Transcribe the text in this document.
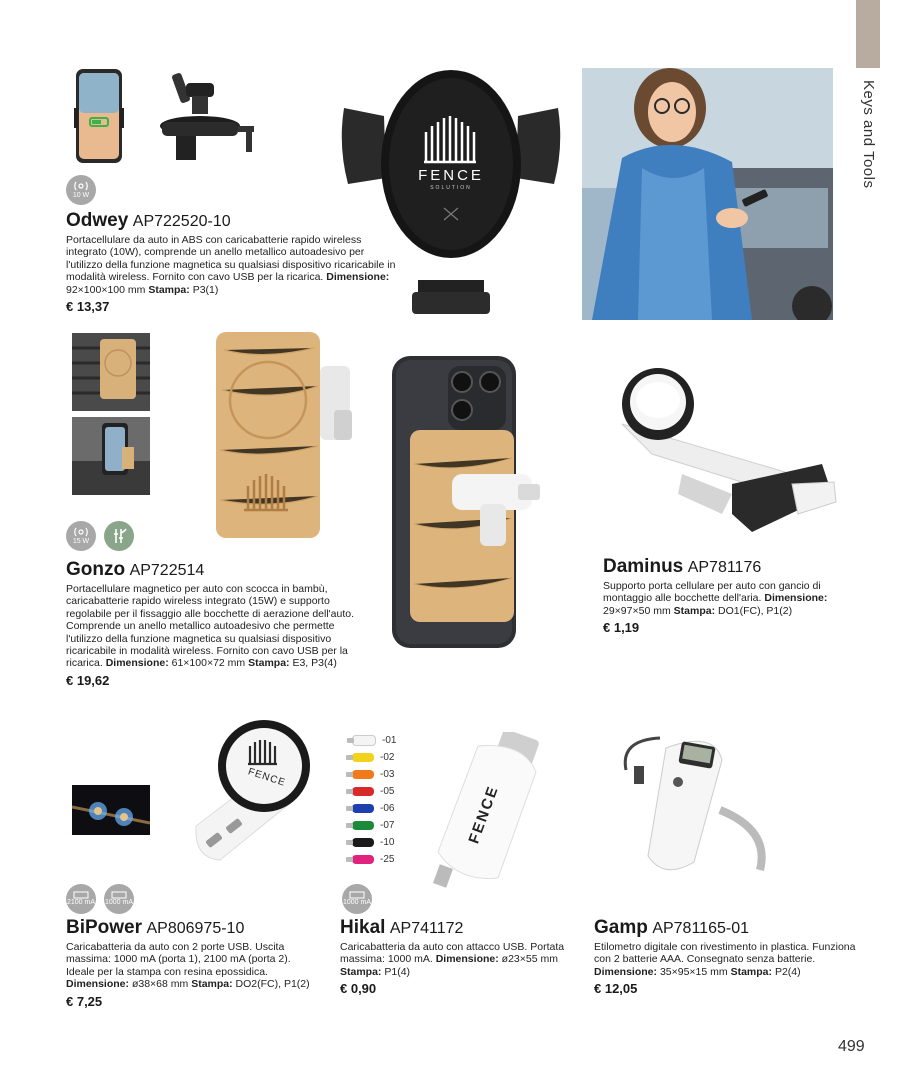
Keys and Tools
10 W
FENCE
SOLUTION
Odwey AP722520-10
Portacellulare da auto in ABS con caricabatterie rapido wireless integrato (10W), comprende un anello metallico autoadesivo per l'utilizzo della funzione magnetica su qualsiasi dispositivo ricaricabile in modalità wireless. Fornito con cavo USB per la ricarica. Dimensione: 92×100×100 mm Stampa: P3(1)
€ 13,37
15 W
Gonzo AP722514
Portacellulare magnetico per auto con scocca in bambù, caricabatterie rapido wireless integrato (15W) e supporto regolabile per il fissaggio alle bocchette di aerazione dell'auto. Comprende un anello metallico autoadesivo che permette l'utilizzo della funzione magnetica su qualsiasi dispositivo ricaricabile in modalità wireless. Fornito con cavo USB per la ricarica. Dimensione: 61×100×72 mm Stampa: E3, P3(4)
€ 19,62
Daminus AP781176
Supporto porta cellulare per auto con gancio di montaggio alle bocchette dell'aria. Dimensione: 29×97×50 mm Stampa: DO1(FC), P1(2)
€ 1,19
FENCE
2100 mA 1000 mA
BiPower AP806975-10
Caricabatteria da auto con 2 porte USB. Uscita massima: 1000 mA (porta 1), 2100 mA (porta 2). Ideale per la stampa con resina epossidica. Dimensione: ø38×68 mm Stampa: DO2(FC), P1(2)
€ 7,25
-01
-02
-03
-05
-06
-07
-10
-25
FENCE
1000 mA
Hikal AP741172
Caricabatteria da auto con attacco USB. Portata massima: 1000 mA. Dimensione: ø23×55 mm Stampa: P1(4)
€ 0,90
Gamp AP781165-01
Etilometro digitale con rivestimento in plastica. Funziona con 2 batterie AAA. Consegnato senza batterie. Dimensione: 35×95×15 mm Stampa: P2(4)
€ 12,05
499
